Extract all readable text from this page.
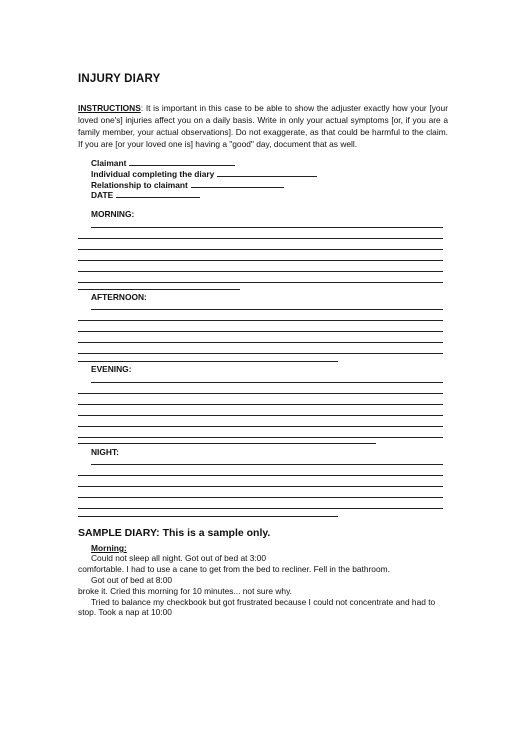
INJURY DIARY
INSTRUCTIONS: It is important in this case to be able to show the adjuster exactly how your [your loved one's] injuries affect you on a daily basis. Write in only your actual symptoms [or, if you are a family member, your actual observations]. Do not exaggerate, as that could be harmful to the claim. If you are [or your loved one is] having a "good" day, document that as well.
Claimant
Individual completing the diary
Relationship to claimant
DATE
MORNING:
AFTERNOON:
EVENING:
NIGHT:
SAMPLE DIARY: This is a sample only.
Morning:
Could not sleep all night. Got out of bed at 3:00
comfortable. I had to use a cane to get from the bed to recliner. Fell in the bathroom.
Got out of bed at 8:00
broke it. Cried this morning for 10 minutes... not sure why.
Tried to balance my checkbook but got frustrated because I could not concentrate and had to
stop. Took a nap at 10:00
